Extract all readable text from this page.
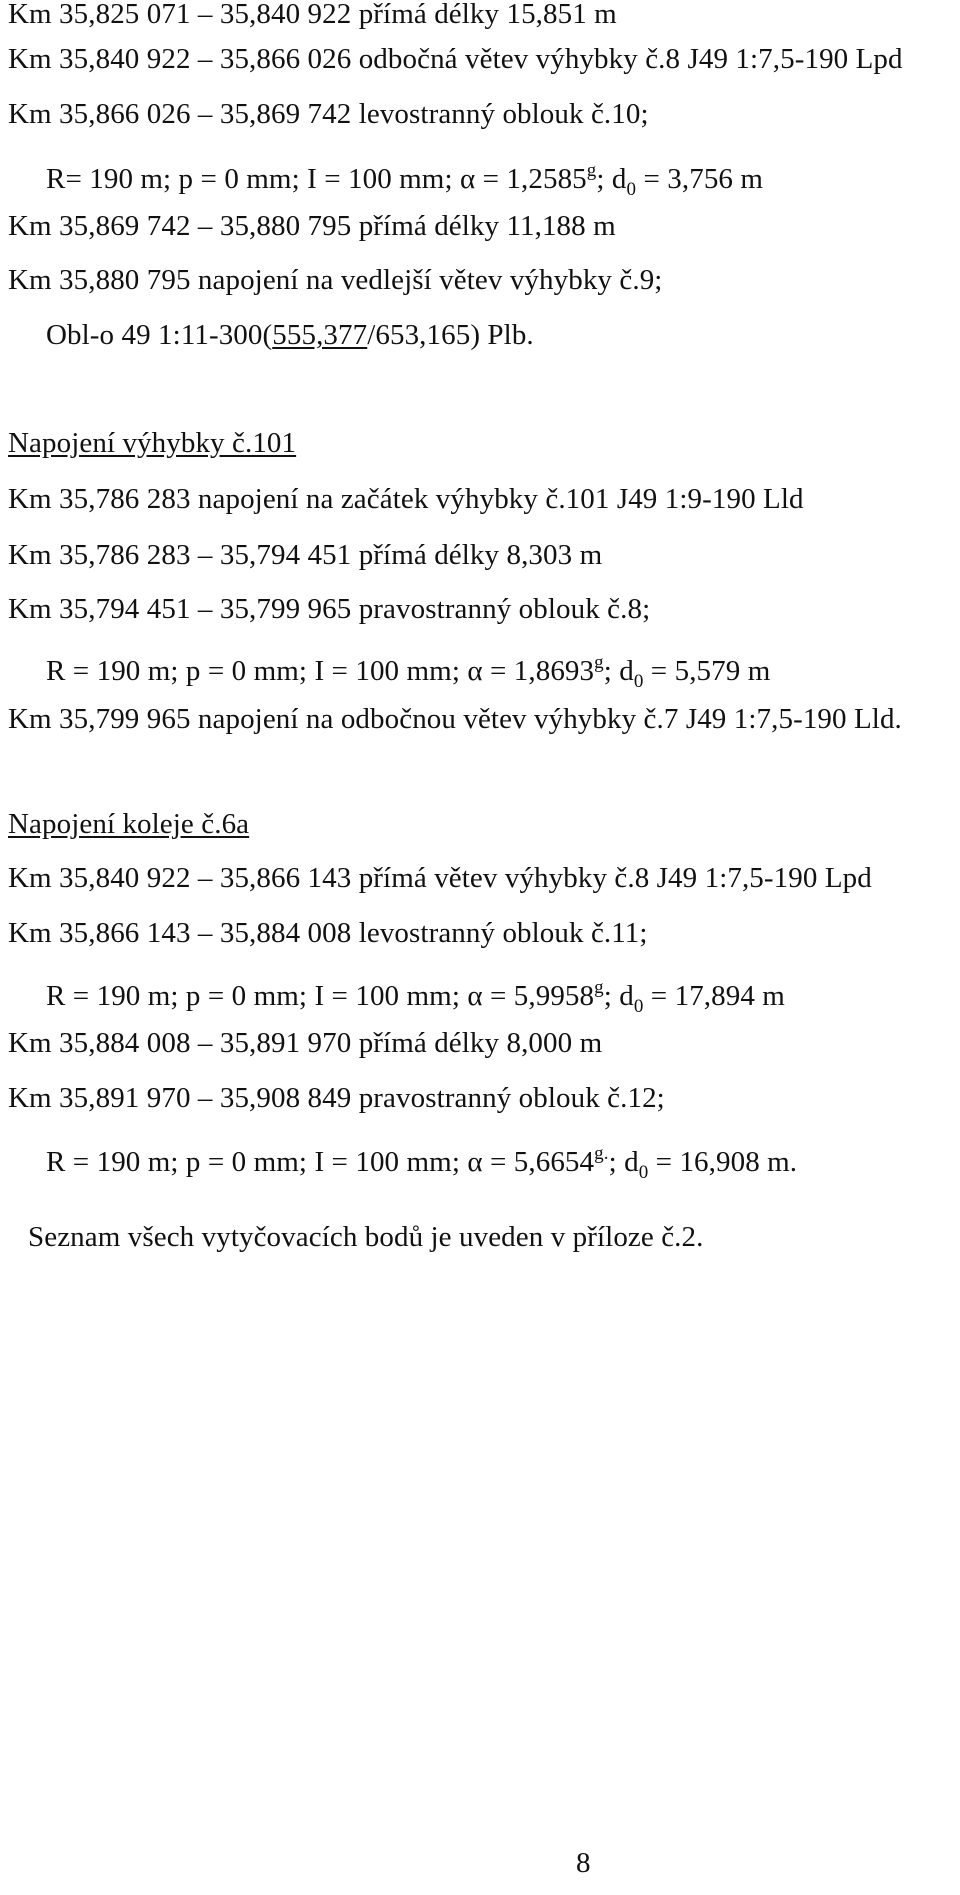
Km 35,825 071 – 35,840 922 přímá délky 15,851 m
Km 35,840 922 – 35,866 026 odbočná větev výhybky č.8 J49 1:7,5-190 Lpd
Km 35,866 026 – 35,869 742 levostranný oblouk č.10;
R= 190 m; p = 0 mm; I = 100 mm; α = 1,2585$^g$; $d_0 = 3,756$ m
Km 35,869 742 – 35,880 795 přímá délky 11,188 m
Km 35,880 795 napojení na vedlejší větev výhybky č.9;
Obl-o 49 1:11-300(555,377/653,165) Plb.
Napojení výhybky č.101
Km 35,786 283 napojení na začátek výhybky č.101 J49 1:9-190 Lld
Km 35,786 283 – 35,794 451 přímá délky 8,303 m
Km 35,794 451 – 35,799 965 pravostranný oblouk č.8;
R = 190 m; p = 0 mm; I = 100 mm; α = 1,8693$^g$; $d_0 = 5,579$ m
Km 35,799 965 napojení na odbočnou větev výhybky č.7 J49 1:7,5-190 Lld.
Napojení koleje č.6a
Km 35,840 922 – 35,866 143 přímá větev výhybky č.8 J49 1:7,5-190 Lpd
Km 35,866 143 – 35,884 008 levostranný oblouk č.11;
R = 190 m; p = 0 mm; I = 100 mm; α = 5,9958$^g$; $d_0 = 17,894$ m
Km 35,884 008 – 35,891 970 přímá délky 8,000 m
Km 35,891 970 – 35,908 849 pravostranný oblouk č.12;
R = 190 m; p = 0 mm; I = 100 mm; $\alpha = 5,6654^{g.}$; $d_0 = 16,908$ m.
Seznam všech vytyčovacích bodů je uveden v příloze č.2.
8
